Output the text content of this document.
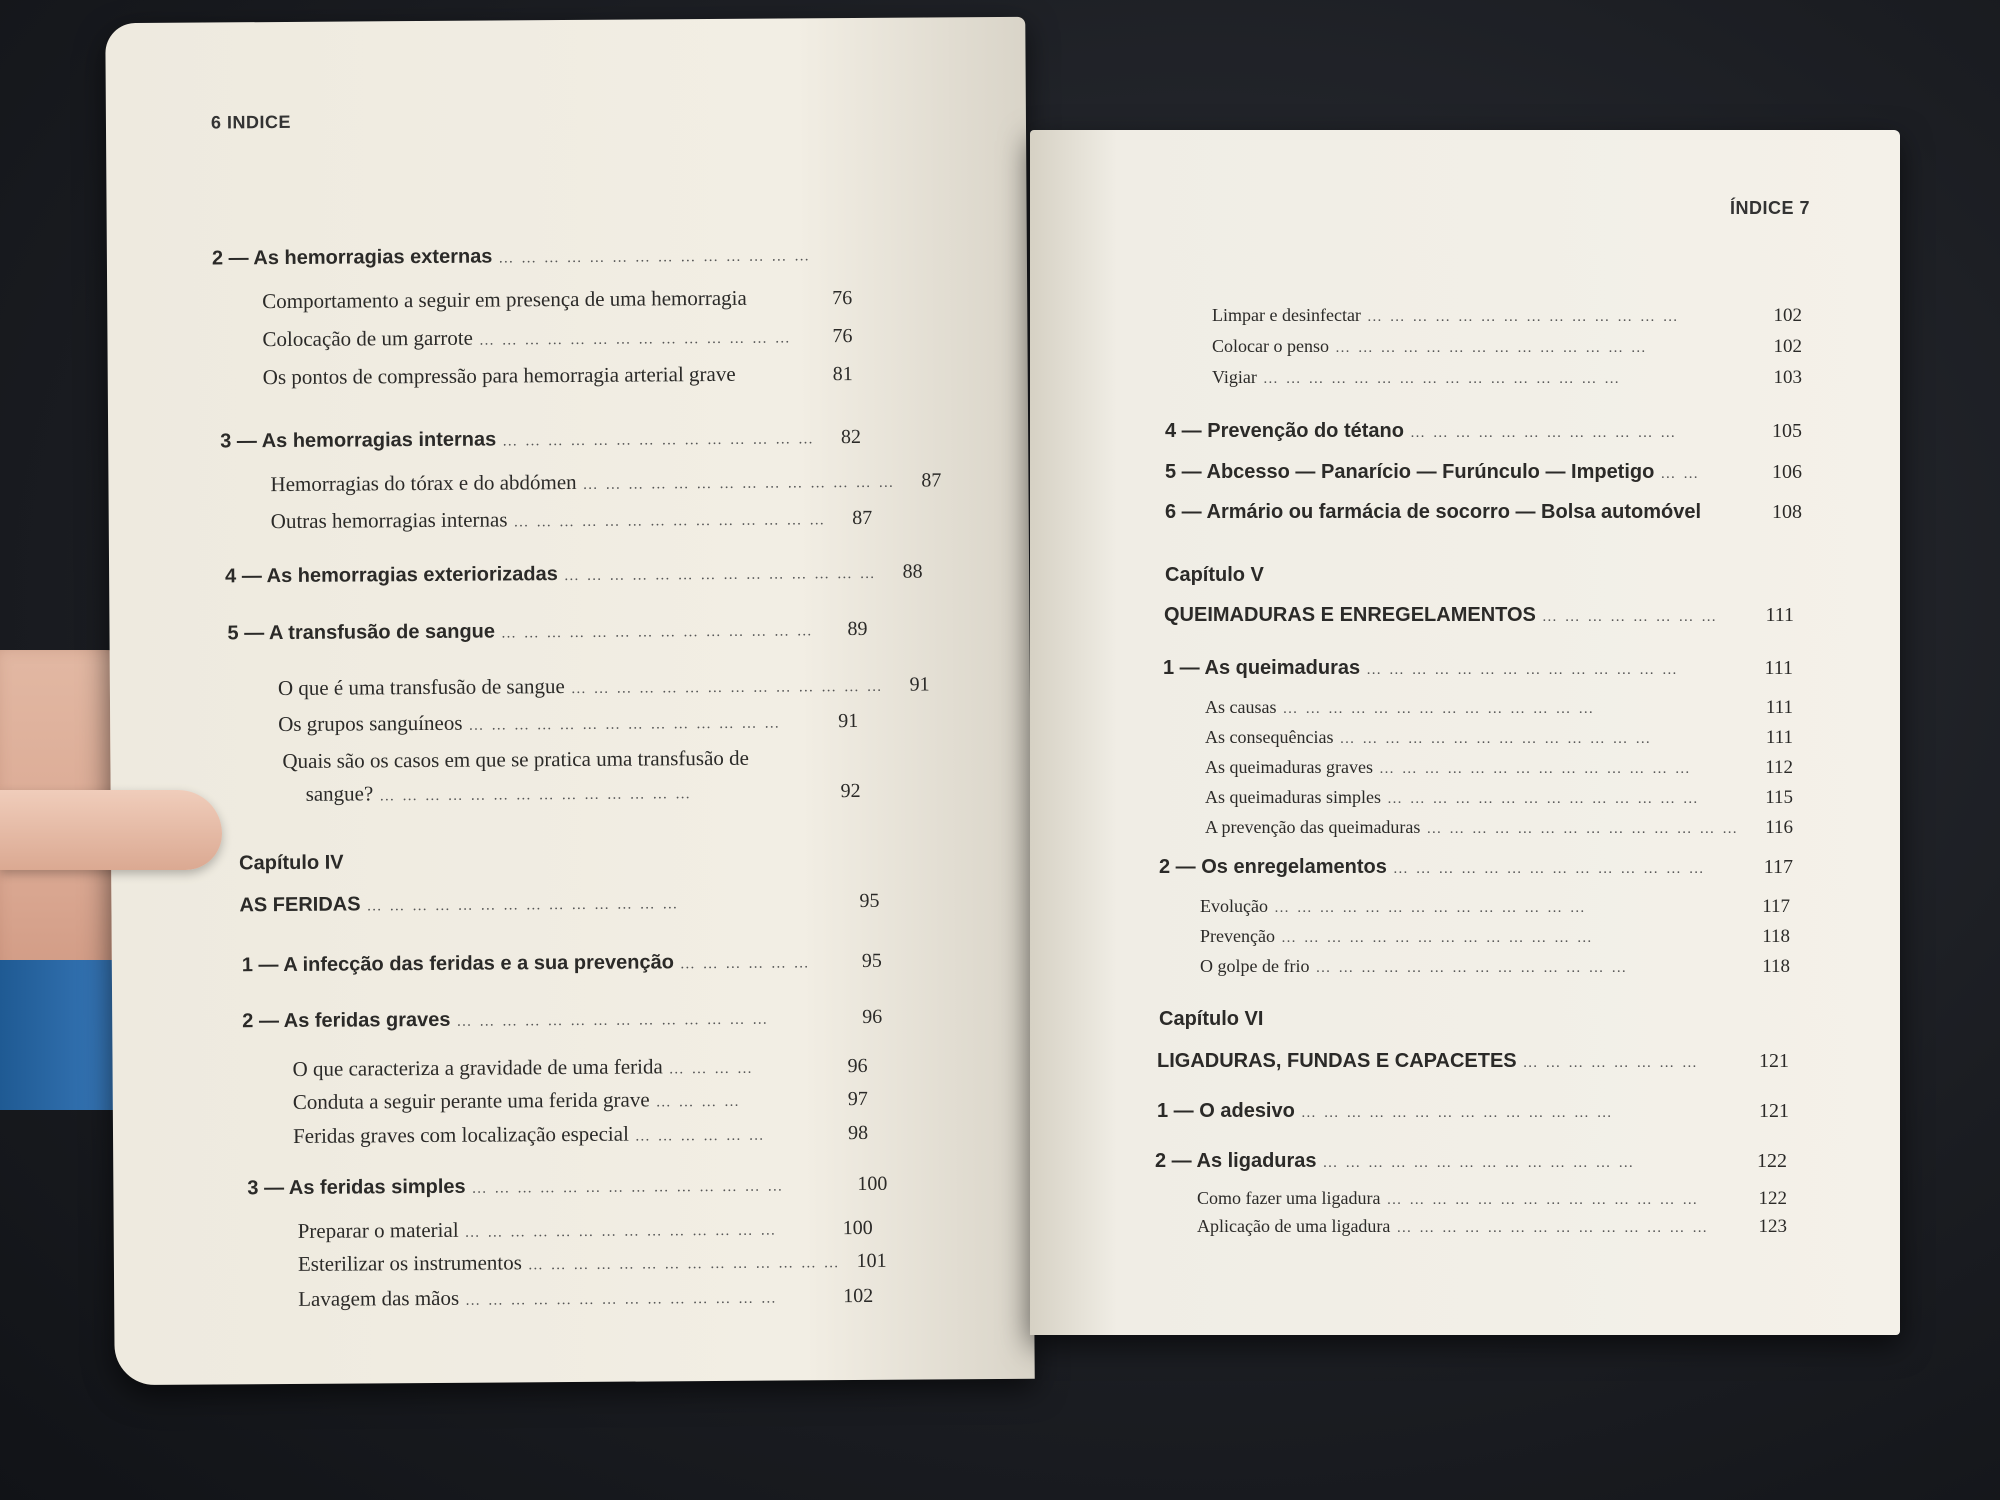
6 INDICE
2 — As hemorragias externas … … … … … … … … … … … … … …
Comportamento a seguir em presença de uma hemorragia	76
Colocação de um garrote … … … … … … … … … … … … … …	76
Os pontos de compressão para hemorragia arterial grave	81
3 — As hemorragias internas … … … … … … … … … … … … … …	82
Hemorragias do tórax e do abdómen … … … … … … … … … … … … … …	87
Outras hemorragias internas … … … … … … … … … … … … … …	87
4 — As hemorragias exteriorizadas … … … … … … … … … … … … … …	88
5 — A transfusão de sangue … … … … … … … … … … … … … …	89
O que é uma transfusão de sangue … … … … … … … … … … … … … …	91
Os grupos sanguíneos … … … … … … … … … … … … … …	91
Quais são os casos em que se pratica uma transfusão de
sangue? … … … … … … … … … … … … … …	92
Capítulo IV
AS FERIDAS … … … … … … … … … … … … … …	95
1 — A infecção das feridas e a sua prevenção … … … … … …	95
2 — As feridas graves … … … … … … … … … … … … … …	96
O que caracteriza a gravidade de uma ferida … … … …	96
Conduta a seguir perante uma ferida grave … … … …	97
Feridas graves com localização especial … … … … … …	98
3 — As feridas simples … … … … … … … … … … … … … …	100
Preparar o material … … … … … … … … … … … … … …	100
Esterilizar os instrumentos … … … … … … … … … … … … … … 101
Lavagem das mãos … … … … … … … … … … … … … …	102
ÍNDICE 7
Limpar e desinfectar … … … … … … … … … … … … … …	102
Colocar o penso … … … … … … … … … … … … … …	102
Vigiar … … … … … … … … … … … … … … … …	103
4 — Prevenção do tétano … … … … … … … … … … … …	105
5 — Abcesso — Panarício — Furúnculo — Impetigo … …	106
6 — Armário ou farmácia de socorro — Bolsa automóvel	108
Capítulo V
QUEIMADURAS E ENREGELAMENTOS … … … … … … … …	111
1 — As queimaduras … … … … … … … … … … … … … …	111
As causas … … … … … … … … … … … … … …	111
As consequências … … … … … … … … … … … … … …	111
As queimaduras graves … … … … … … … … … … … … … …	112
As queimaduras simples … … … … … … … … … … … … … …	115
A prevenção das queimaduras … … … … … … … … … … … … … …	116
2 — Os enregelamentos … … … … … … … … … … … … … …	117
Evolução … … … … … … … … … … … … … …	117
Prevenção … … … … … … … … … … … … … …	118
O golpe de frio … … … … … … … … … … … … … …	118
Capítulo VI
LIGADURAS, FUNDAS E CAPACETES … … … … … … … …	121
1 — O adesivo … … … … … … … … … … … … … …	121
2 — As ligaduras … … … … … … … … … … … … … …	122
Como fazer uma ligadura … … … … … … … … … … … … … …	122
Aplicação de uma ligadura … … … … … … … … … … … … … …	123
